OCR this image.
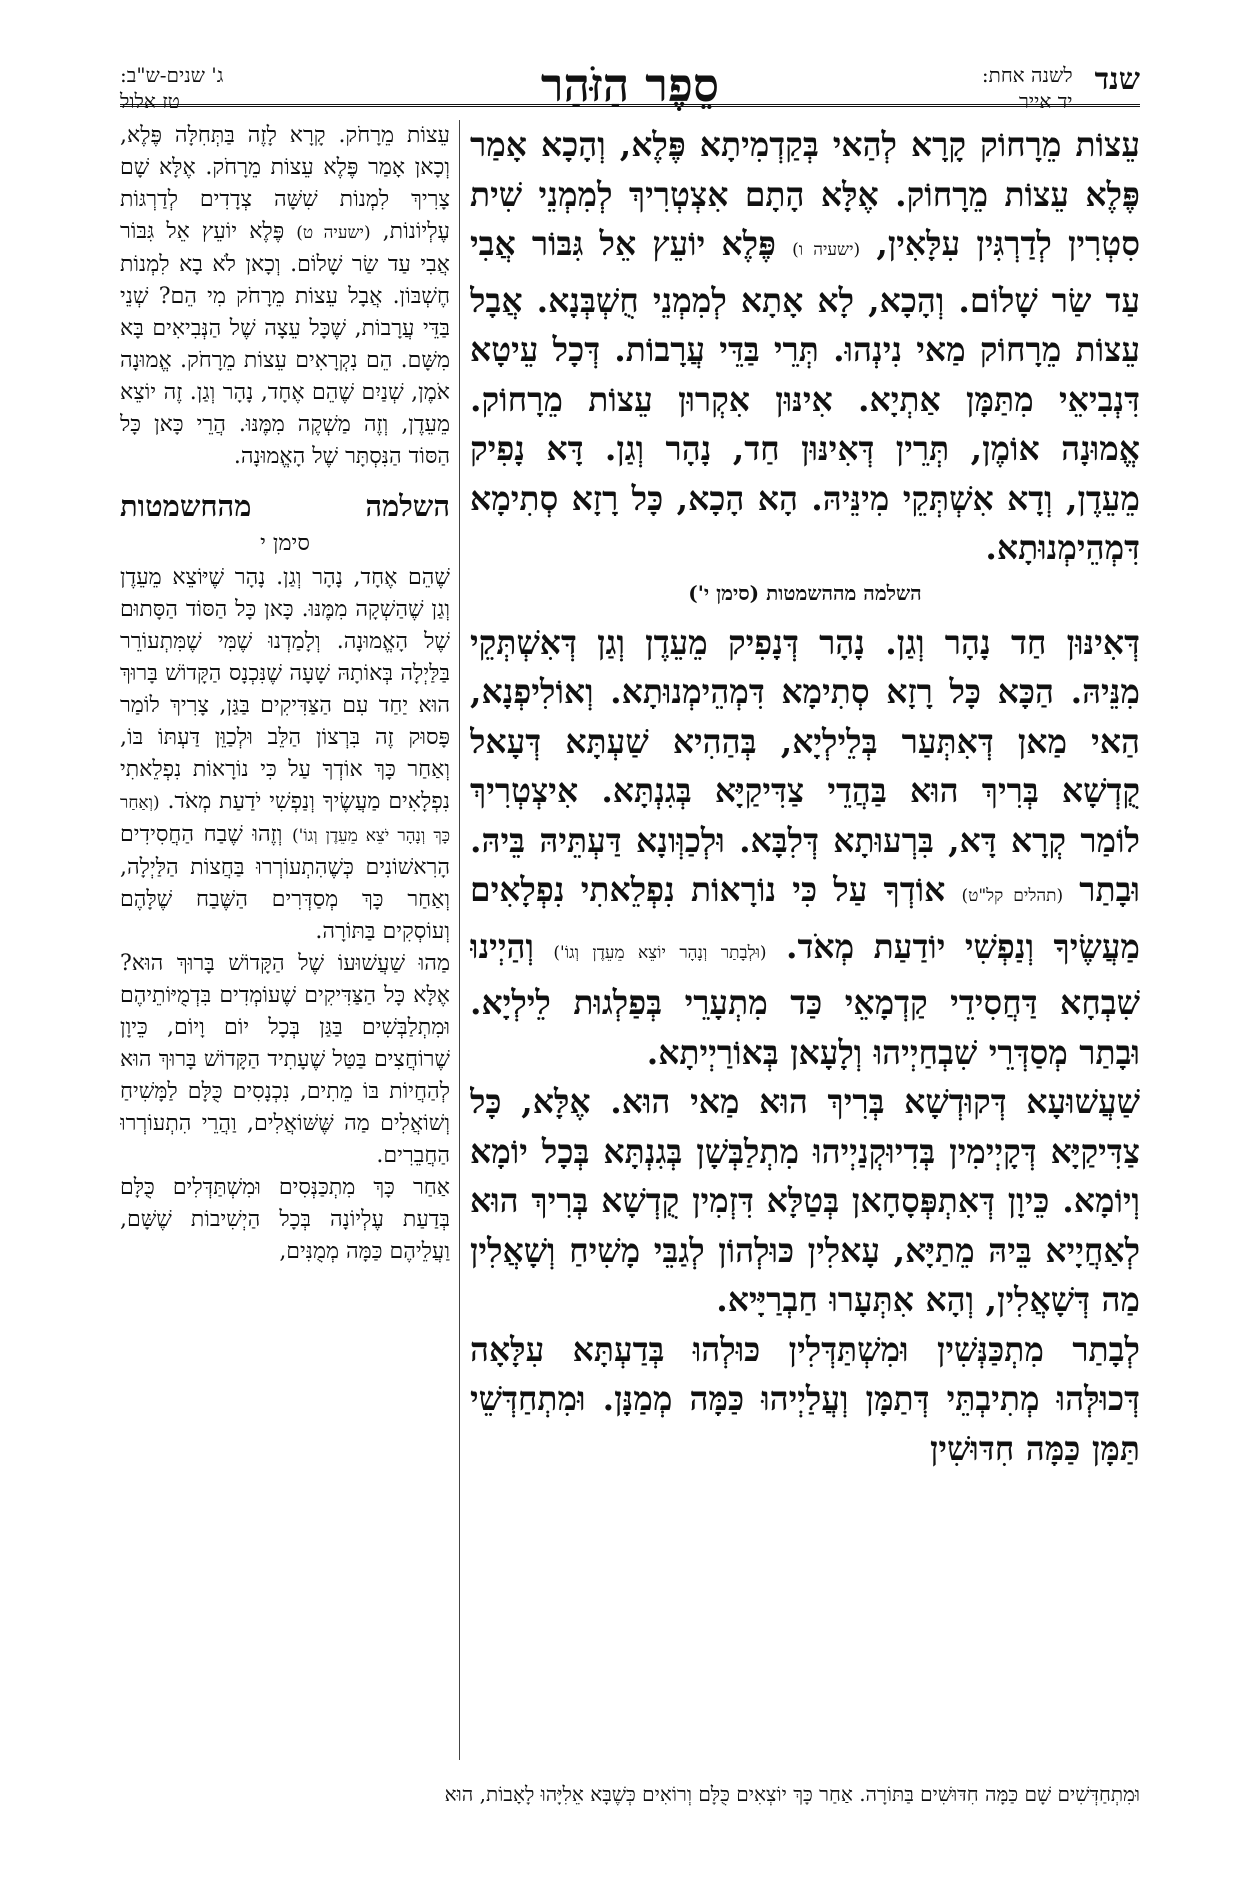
שנד
לשנה אחת:
יד אייר
סֵפֶר הַזֹּהַר
ג' שנים-ש"ב:
טז אלול

עֵצוֹת מֵרָחוֹק קָרָא לְהַאי בְּקַדְמִיתָא פֶּלֶא, וְהָכָא אָמַר פֶּלֶא עֵצוֹת מֵרָחוֹק. אֶלָּא הָתָם אִצְטְרִיךְ לְמִמְנֵי שִׁית סִטְרִין לְדַרְגִּין עִלָּאִין, (ישעיה ו) פֶּלֶא יוֹעֵץ אֵל גִּבּוֹר אֲבִי עַד שַׂר שָׁלוֹם. וְהָכָא, לָא אָתָא לְמִמְנֵי חֻשְׁבְּנָא. אֲבָל עֵצוֹת מֵרָחוֹק מַאי נִינְהוּ. תְּרֵי בַּדֵּי עֲרָבוֹת. דְּכָל עֵיטָא דִּנְבִיאֵי מִתַּמָּן אַתְיָא. אִינּוּן אִקְרוּן עֵצוֹת מֵרָחוֹק. אֱמוּנָה אוֹמֶן, תְּרֵין דְּאִינּוּן חַד, נָהָר וְגַן. דָּא נָפִיק מֵעֵדֶן, וְדָא אִשְׁתְּקֵי מִינֵּיהּ. הָא הָכָא, כָּל רָזָא סְתִימָא דִּמְהֵימְנוּתָא.

השלמה מההשמטות (סימן י')

דְּאִינּוּן חַד נָהָר וְגַן. נָהָר דְּנָפִיק מֵעֵדֶן וְגַן דְּאִשְׁתְּקֵי מִנֵּיהּ. הַכָּא כָּל רָזָא סְתִימָא דִּמְהֵימְנוּתָא. וְאוֹלִיפְנָא, הַאי מַאן דְּאִתְּעַר בְּלֵילְיָא, בְּהַהִיא שַׁעְתָּא דְּעָאל קֻדְשָׁא בְּרִיךְ הוּא בַּהֲדֵי צַדִּיקַיָּא בְּגִנְתָּא. אִיצְטְרִיךְ לוֹמַר קְרָא דָּא, בִּרְעוּתָא דְּלִבָּא. וּלְכַוְּונָא דַּעְתֵּיהּ בֵּיהּ. וּבָתַר (תהלים קל"ט) אוֹדְךָ עַל כִּי נוֹרָאוֹת נִפְלֵאתִי נִפְלָאִים מַעֲשֶׂיךָ וְנַפְשִׁי יוֹדַעַת מְאֹד. (וּלְבָתַר וְנָהָר יוֹצֵא מֵעֵדֶן וְגוֹ') וְהַיְינוּ שִׁבְחָא דַּחֲסִידֵי קַדְמָאֵי כַּד מִתְעָרֵי בְּפַלְגוּת לֵילְיָא. וּבָתַר מְסַדְּרֵי שִׁבְחַיְיהוּ וְלָעָאן בְּאוֹרַיְיתָא.

שַׁעֲשׁוּעָא דְּקוּדְשָׁא בְּרִיךְ הוּא מַאי הוּא. אֶלָּא, כָּל צַדִּיקַיָּא דְּקָיְימִין בְּדִיוּקְנַיְיהוּ מִתְלַבְּשָׁן בְּגִנְתָּא בְּכָל יוֹמָא וְיוֹמָא. כֵּיוָן דְּאִתְפְּסָחָאן בְּטַלָּא דִּזְמִין קֻדְשָׁא בְּרִיךְ הוּא לְאַחֲיָיא בֵּיהּ מֵתַיָּא, עָאלִין כּוּלְהוֹן לְגַבֵּי מָשִׁיחַ וְשָׁאֲלִין מַה דְּשָׁאֲלִין, וְהָא אִתְּעָרוּ חַבְרַיָּיא.

לְבָתַר מִתְכַּנְּשִׁין וּמִשְׁתַּדְּלִין כּוּלְהוּ בְּדַעְתָּא עִלָּאָה דְּכוּלְּהוּ מְתִיבְתֵּי דְּתַמָּן וְעֲלַיְיהוּ כַּמָּה מְמַנָּן. וּמִתְחַדְּשֵׁי תַּמָּן כַּמָּה חִדּוּשִׁין

עֵצוֹת מֵרָחֹק. קָרָא לָזֶה בַּתְּחִלָּה פֶּלֶא, וְכָאן אָמַר פֶּלֶא עֵצוֹת מֵרָחֹק. אֶלָּא שָׁם צָרִיךְ לִמְנוֹת שִׁשָּׁה צְדָדִים לְדַרְגּוֹת עֶלְיוֹנוֹת, (ישעיה ט) פֶּלֶא יוֹעֵץ אֵל גִּבּוֹר אֲבִי עַד שַׂר שָׁלוֹם. וְכָאן לֹא בָא לִמְנוֹת חֶשְׁבּוֹן. אֲבָל עֵצוֹת מֵרָחֹק מִי הֵם? שְׁנֵי בַּדֵּי עֲרָבוֹת, שֶׁכָּל עֵצָה שֶׁל הַנְּבִיאִים בָּא מִשָּׁם. הֵם נִקְרָאִים עֵצוֹת מֵרָחֹק. אֱמוּנָה אֹמֶן, שְׁנַיִם שֶׁהֵם אֶחָד, נָהָר וְגַן. זֶה יוֹצֵא מֵעֵדֶן, וְזֶה מַשְׁקֶה מִמֶּנּוּ. הֲרֵי כָּאן כָּל הַסּוֹד הַנִּסְתָּר שֶׁל הָאֱמוּנָה.

השלמה מהחשמטות
סימן י

שֶׁהֵם אֶחָד, נָהָר וְגַן. נָהָר שֶׁיּוֹצֵא מֵעֵדֶן וְגַן שֶׁהַשְׁקָה מִמֶּנּוּ. כָּאן כָּל הַסּוֹד הַסָּתוּם שֶׁל הָאֱמוּנָה. וְלָמַדְנוּ שֶׁמִּי שֶׁמִּתְעוֹרֵר בַּלַּיְלָה בְּאוֹתָהּ שָׁעָה שֶׁנִּכְנָס הַקָּדוֹשׁ בָּרוּךְ הוּא יַחַד עִם הַצַּדִּיקִים בַּגַּן, צָרִיךְ לוֹמַר פָּסוּק זֶה בִּרְצוֹן הַלֵּב וּלְכַוֵּן דַּעְתּוֹ בּוֹ, וְאַחַר כָּךְ אוֹדְךָ עַל כִּי נוֹרָאוֹת נִפְלֵאתִי נִפְלָאִים מַעֲשֶׂיךָ וְנַפְשִׁי יֹדַעַת מְאֹד. (וְאַחַר כָּךְ וְנָהָר יֹצֵא מֵעֵדֶן וְגוֹ') וְזֶהוּ שֶׁבַח הַחֲסִידִים הָרִאשׁוֹנִים כְּשֶׁהִתְעוֹרְרוּ בַּחֲצוֹת הַלַּיְלָה, וְאַחַר כָּךְ מְסַדְּרִים הַשֶּׁבַח שֶׁלָּהֶם וְעוֹסְקִים בַּתּוֹרָה.

מַהוּ שַׁעֲשׁוּעוֹ שֶׁל הַקָּדוֹשׁ בָּרוּךְ הוּא? אֶלָּא כָּל הַצַּדִּיקִים שֶׁעוֹמְדִים בִּדְמֻיּוֹתֵיהֶם וּמִתְלַבְּשִׁים בַּגַּן בְּכָל יוֹם וָיוֹם, כֵּיוָן שֶׁרוֹחֲצִים בַּטַּל שֶׁעָתִיד הַקָּדוֹשׁ בָּרוּךְ הוּא לְהַחֲיוֹת בּוֹ מֵתִים, נִכְנָסִים כֻּלָּם לַמָּשִׁיחַ וְשׁוֹאֲלִים מַה שֶּׁשּׁוֹאֲלִים, וַהֲרֵי הִתְעוֹרְרוּ הַחֲבֵרִים.

אַחַר כָּךְ מִתְכַּנְּסִים וּמִשְׁתַּדְּלִים כֻּלָּם בְּדַעַת עֶלְיוֹנָה בְּכָל הַיְשִׁיבוֹת שֶׁשָּׁם, וַעֲלֵיהֶם כַּמָּה מְמֻנִּים,

וּמִתְחַדְּשִׁים שָׁם כַּמָּה חִדּוּשִׁים בַּתּוֹרָה. אַחַר כָּךְ יוֹצְאִים כֻּלָּם וְרוֹאִים כְּשֶׁבָּא אֵלִיָּהוּ לָאָבוֹת, הוּא
